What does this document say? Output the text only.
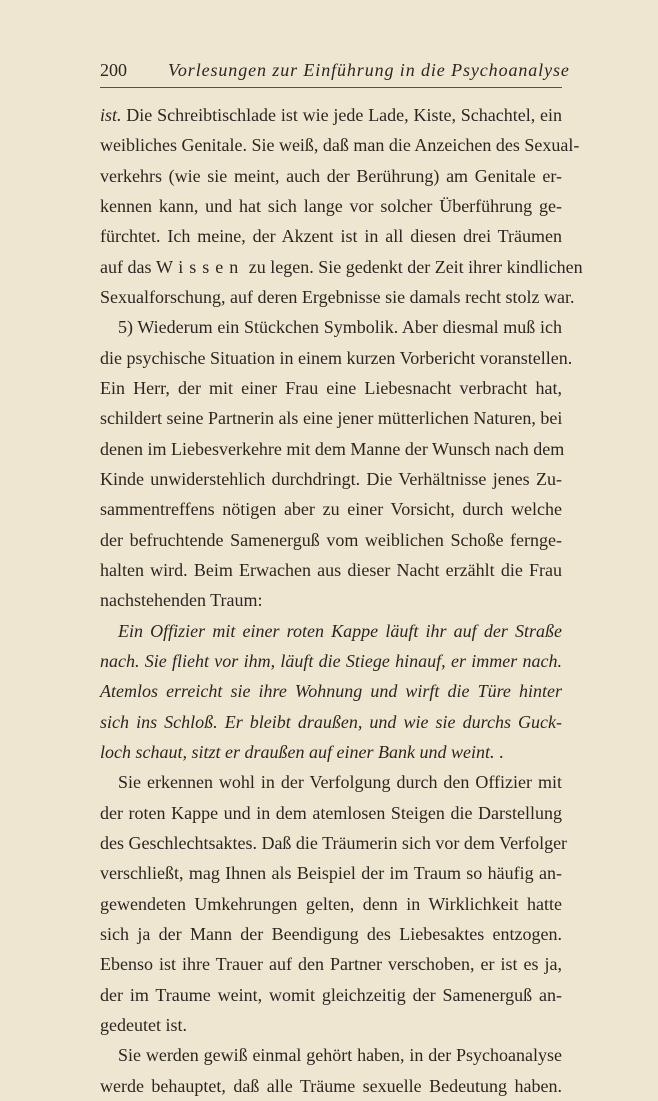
200 Vorlesungen zur Einführung in die Psychoanalyse
ist. Die Schreibtischlade ist wie jede Lade, Kiste, Schachtel, ein
weibliches Genitale. Sie weiß, daß man die Anzeichen des Sexual-
verkehrs (wie sie meint, auch der Berührung) am Genitale er-
kennen kann, und hat sich lange vor solcher Überführung ge-
fürchtet. Ich meine, der Akzent ist in all diesen drei Träumen
auf das Wissen zu legen. Sie gedenkt der Zeit ihrer kindlichen
Sexualforschung, auf deren Ergebnisse sie damals recht stolz war.
5) Wiederum ein Stückchen Symbolik. Aber diesmal muß ich
die psychische Situation in einem kurzen Vorbericht voranstellen.
Ein Herr, der mit einer Frau eine Liebesnacht verbracht hat,
schildert seine Partnerin als eine jener mütterlichen Naturen, bei
denen im Liebesverkehre mit dem Manne der Wunsch nach dem
Kinde unwiderstehlich durchdringt. Die Verhältnisse jenes Zu-
sammentreffens nötigen aber zu einer Vorsicht, durch welche
der befruchtende Samenerguß vom weiblichen Schoße fernge-
halten wird. Beim Erwachen aus dieser Nacht erzählt die Frau
nachstehenden Traum:
Ein Offizier mit einer roten Kappe läuft ihr auf der Straße
nach. Sie flieht vor ihm, läuft die Stiege hinauf, er immer nach.
Atemlos erreicht sie ihre Wohnung und wirft die Türe hinter
sich ins Schloß. Er bleibt draußen, und wie sie durchs Guck-
loch schaut, sitzt er draußen auf einer Bank und weint. .
Sie erkennen wohl in der Verfolgung durch den Offizier mit
der roten Kappe und in dem atemlosen Steigen die Darstellung
des Geschlechtsaktes. Daß die Träumerin sich vor dem Verfolger
verschließt, mag Ihnen als Beispiel der im Traum so häufig an-
gewendeten Umkehrungen gelten, denn in Wirklichkeit hatte
sich ja der Mann der Beendigung des Liebesaktes entzogen.
Ebenso ist ihre Trauer auf den Partner verschoben, er ist es ja,
der im Traume weint, womit gleichzeitig der Samenerguß an-
gedeutet ist.
Sie werden gewiß einmal gehört haben, in der Psychoanalyse
werde behauptet, daß alle Träume sexuelle Bedeutung haben.
